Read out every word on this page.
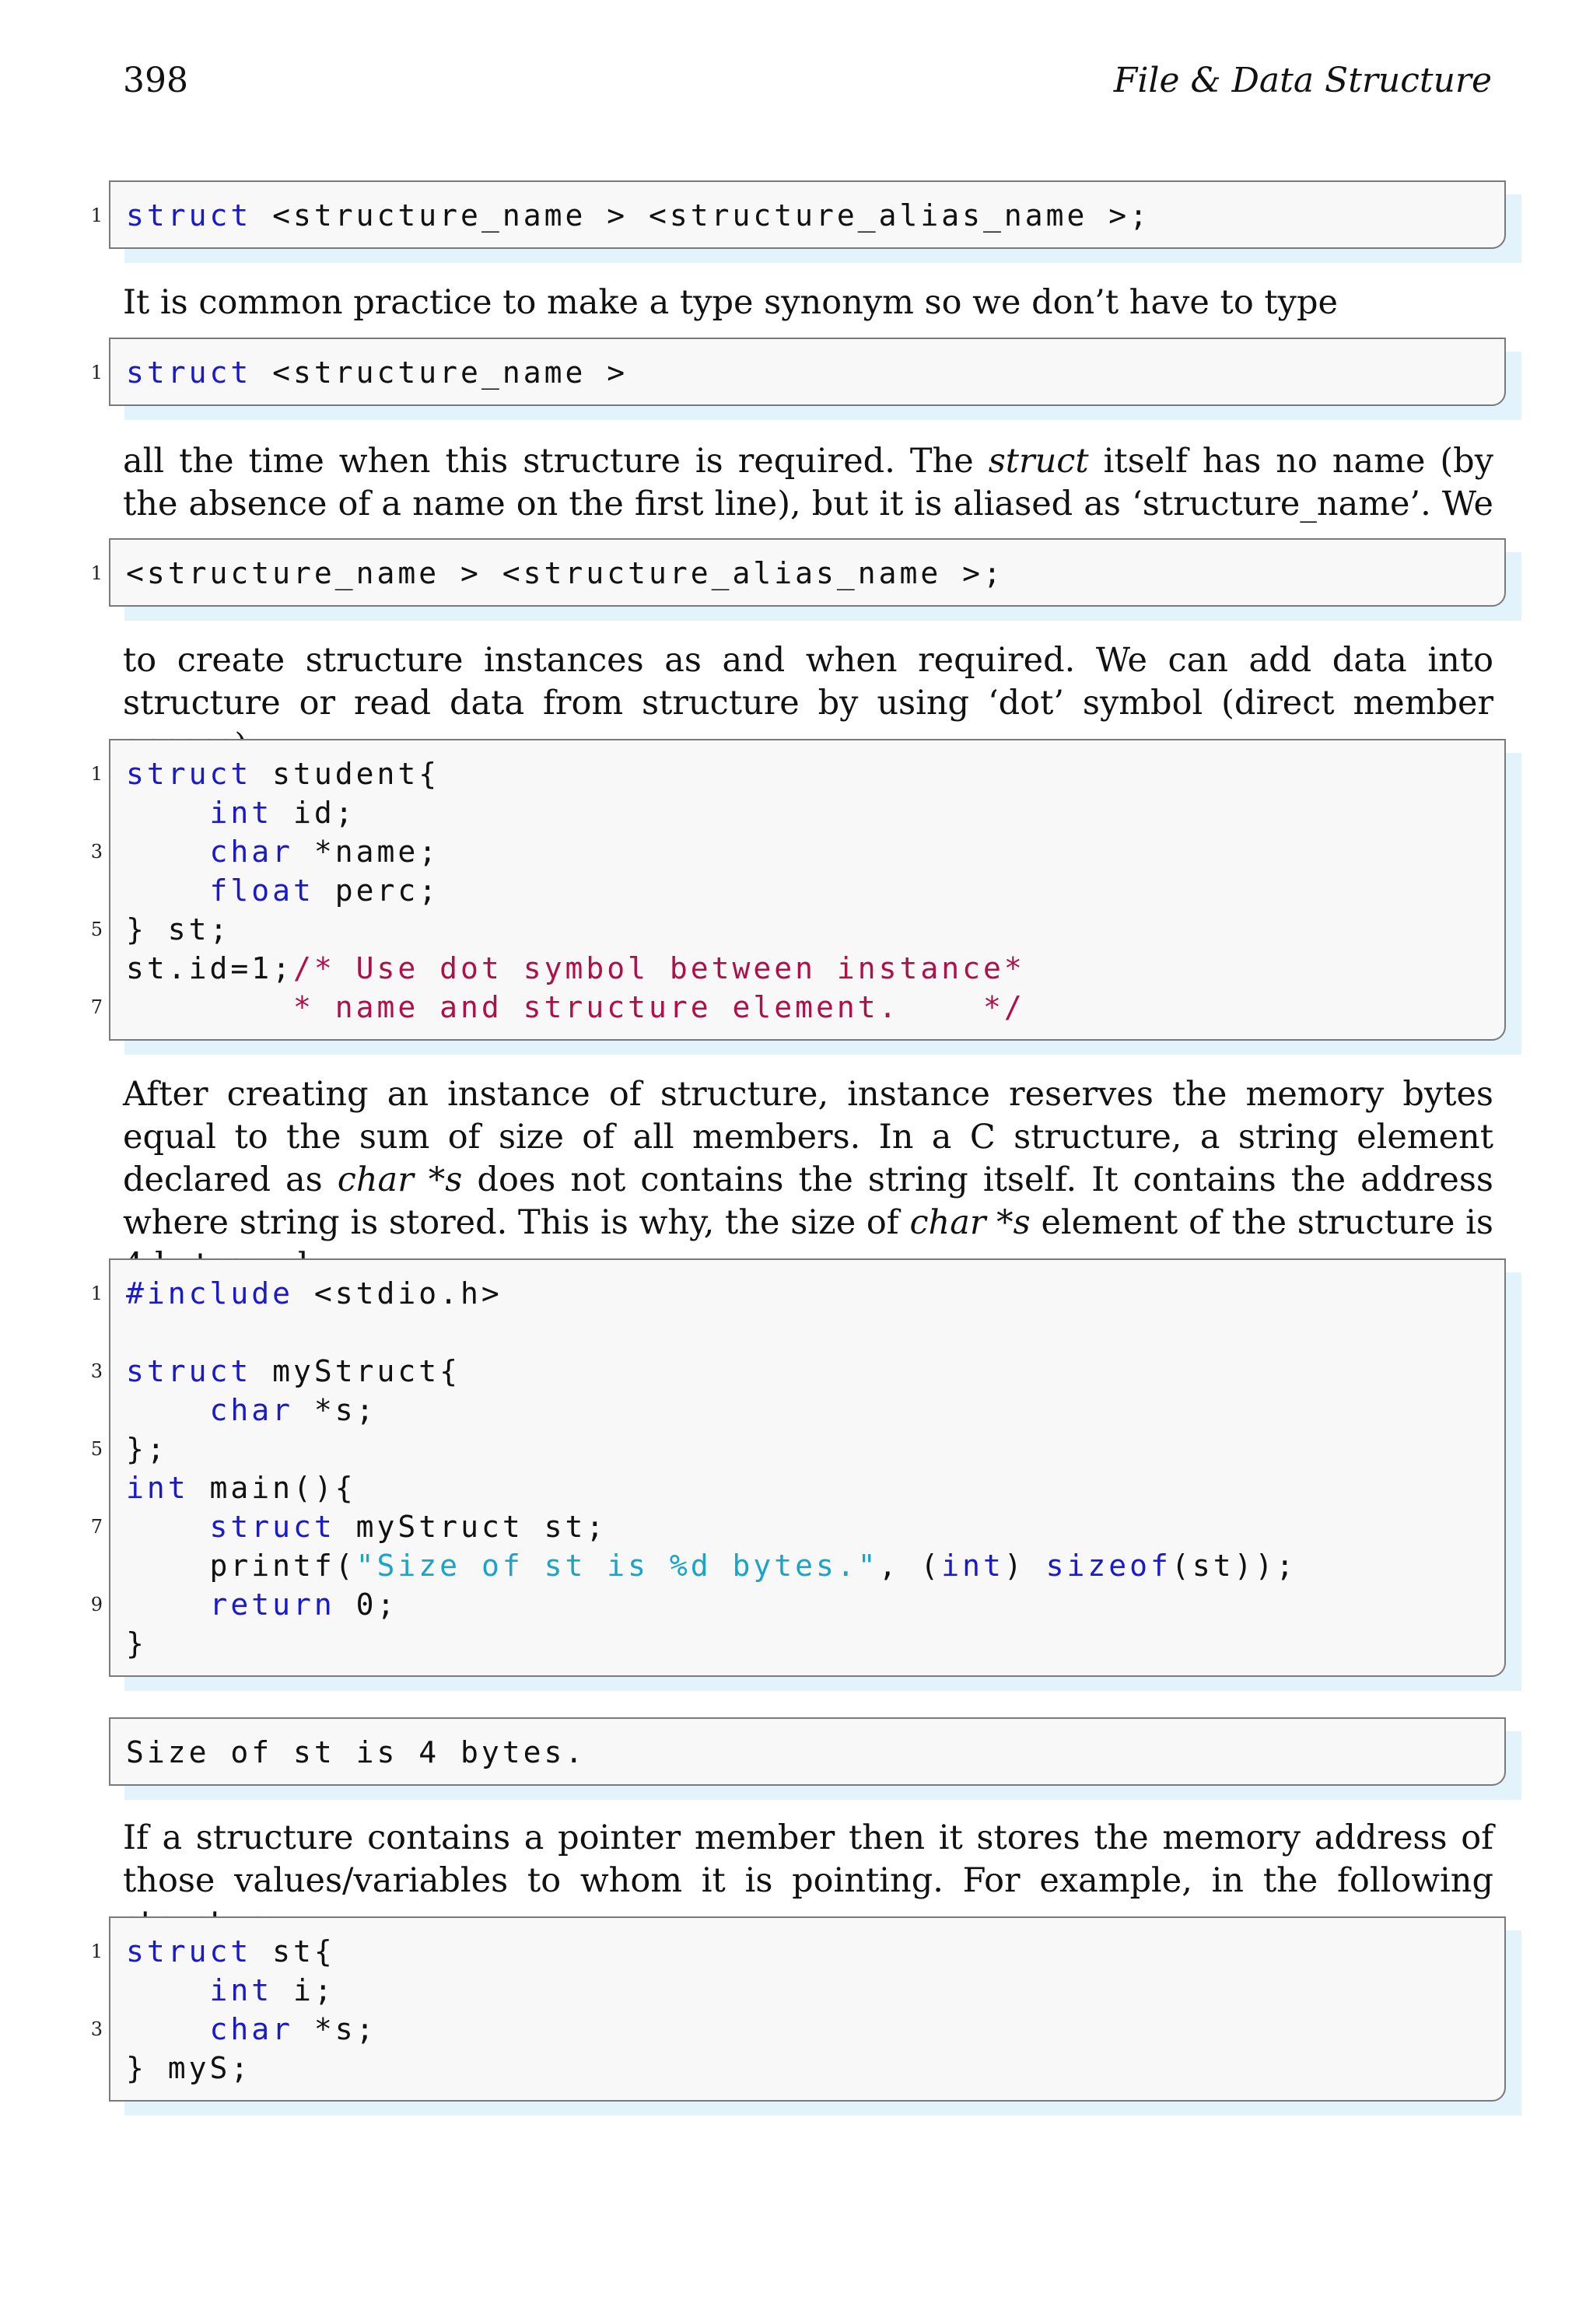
398	File & Data Structure
1 struct <structure_name > <structure_alias_name >;

It is common practice to make a type synonym so we don’t have to type

1 struct <structure_name >

all the time when this structure is required. The struct itself has no name (by the absence of a name on the first line), but it is aliased as ‘structure_name’. We

1 <structure_name > <structure_alias_name >;

to create structure instances as and when required. We can add data into structure or read data from structure by using ‘dot’ symbol (direct member

1 struct student{
int id;
3	char *name;
float perc;
5 } st;
st.id=1;/* Use dot symbol between instance*
7 * name and structure element.    */

After creating an instance of structure, instance reserves the memory bytes equal to the sum of size of all members. In a C structure, a string element declared as char *s does not contains the string itself. It contains the address where string is stored. This is why, the size of char *s element of the structure is

1 #include <stdio.h>

3 struct myStruct{
char *s;
5 };
int main(){
7	struct myStruct st;
printf("Size of st is %d bytes.", (int) sizeof(st));
9	return 0;
}
Size of st is 4 bytes.

If a structure contains a pointer member then it stores the memory address of those values/variables to whom it is pointing. For example, in the following

1 struct st{
int i;
3	char *s;
} myS;
